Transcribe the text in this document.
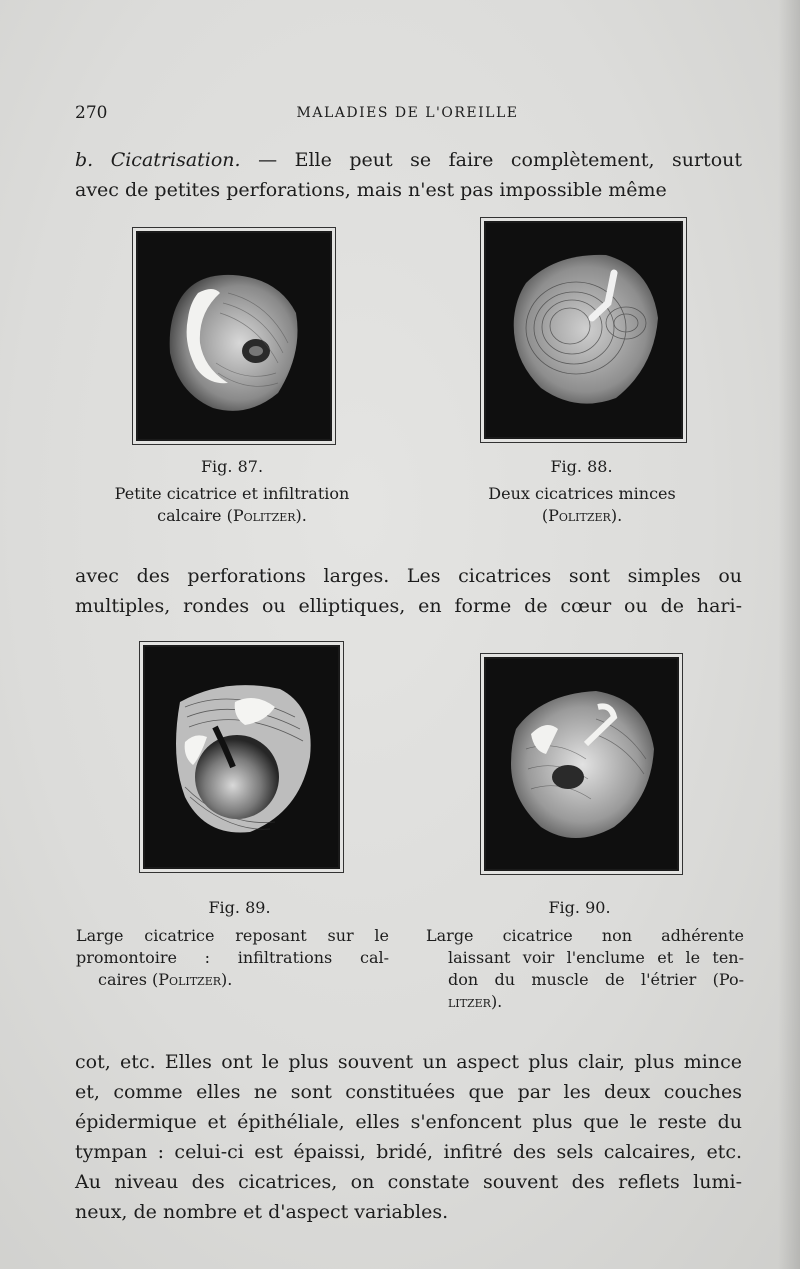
270	MALADIES DE L'OREILLE

b. Cicatrisation. — Elle peut se faire complètement, surtout
avec de petites perforations, mais n'est pas impossible même

Fig. 87.
Petite cicatrice et infiltration
calcaire (Politzer).
Fig. 88.
Deux cicatrices minces
(Politzer).

avec des perforations larges. Les cicatrices sont simples ou
multiples, rondes ou elliptiques, en forme de cœur ou de hari-

Fig. 89.
Large cicatrice reposant sur le
promontoire : infiltrations cal-
caires (Politzer).
Fig. 90.
Large cicatrice non adhérente
laissant voir l'enclume et le ten-
don du muscle de l'étrier (Po-
litzer).

cot, etc. Elles ont le plus souvent un aspect plus clair, plus mince
et, comme elles ne sont constituées que par les deux couches
épidermique et épithéliale, elles s'enfoncent plus que le reste du
tympan : celui-ci est épaissi, bridé, infitré des sels calcaires, etc.
Au niveau des cicatrices, on constate souvent des reflets lumi-
neux, de nombre et d'aspect variables.
